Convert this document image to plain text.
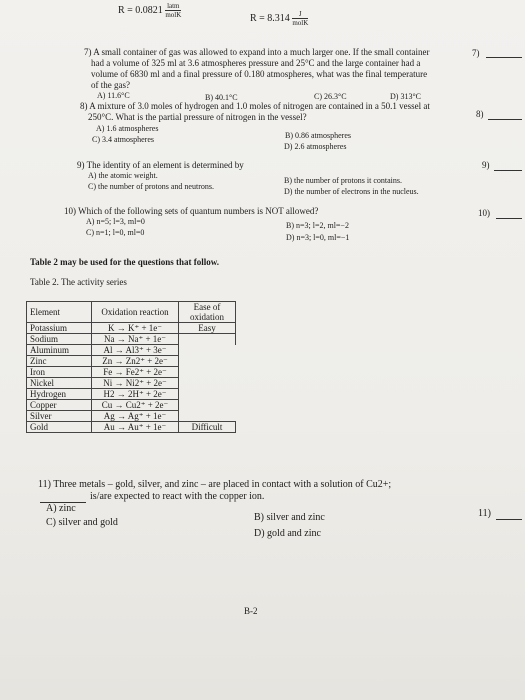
$R = 0.0821 \frac{\text{latm}}{\text{molK}}$	$R = 8.314 \frac{J}{\text{molK}}$
7) A small container of gas was allowed to expand into a much larger one. If the small container
had a volume of 325 ml at 3.6 atmospheres pressure and 25°C and the large container had a
volume of 6830 ml and a final pressure of 0.180 atmospheres, what was the final temperature
of the gas?
7)
A) 11.6°C	B) 40.1°C	C) 26.3°C	D) 313°C
8) A mixture of 3.0 moles of hydrogen and 1.0 moles of nitrogen are contained in a 50.1 vessel at
250°C. What is the partial pressure of nitrogen in the vessel?	8)
A) 1.6 atmospheres
B) 0.86 atmospheres
C) 3.4 atmospheres
D) 2.6 atmospheres
9) The identity of an element is determined by	9)
A) the atomic weight.
B) the number of protons it contains.
C) the number of protons and neutrons.
D) the number of electrons in the nucleus.
10) Which of the following sets of quantum numbers is NOT allowed?	10)
A) n=5; l=3, ml=0	B) n=3; l=2, ml=−2
C) n=1; l=0, ml=0
D) n=3; l=0, ml=−1
Table 2 may be used for the questions that follow.
Table 2. The activity series
Element	Oxidation reaction	Ease of oxidation
Potassium	K → K⁺ + 1e⁻	Easy
Sodium	Na → Na⁺ + 1e⁻	
Aluminum	Al → Al3⁺ + 3e⁻	
Zinc	Zn → Zn2⁺ + 2e⁻	
Iron	Fe → Fe2⁺ + 2e⁻	
Nickel	Ni → Ni2⁺ + 2e⁻	
Hydrogen	H2 → 2H⁺ + 2e⁻	
Copper	Cu → Cu2⁺ + 2e⁻	
Silver	Ag → Ag⁺ + 1e⁻	
Gold	Au → Au⁺ + 1e⁻	Difficult
11) Three metals – gold, silver, and zinc – are placed in contact with a solution of Cu2+;
is/are expected to react with the copper ion.
11)
A) zinc
B) silver and zinc
C) silver and gold
D) gold and zinc
B-2
